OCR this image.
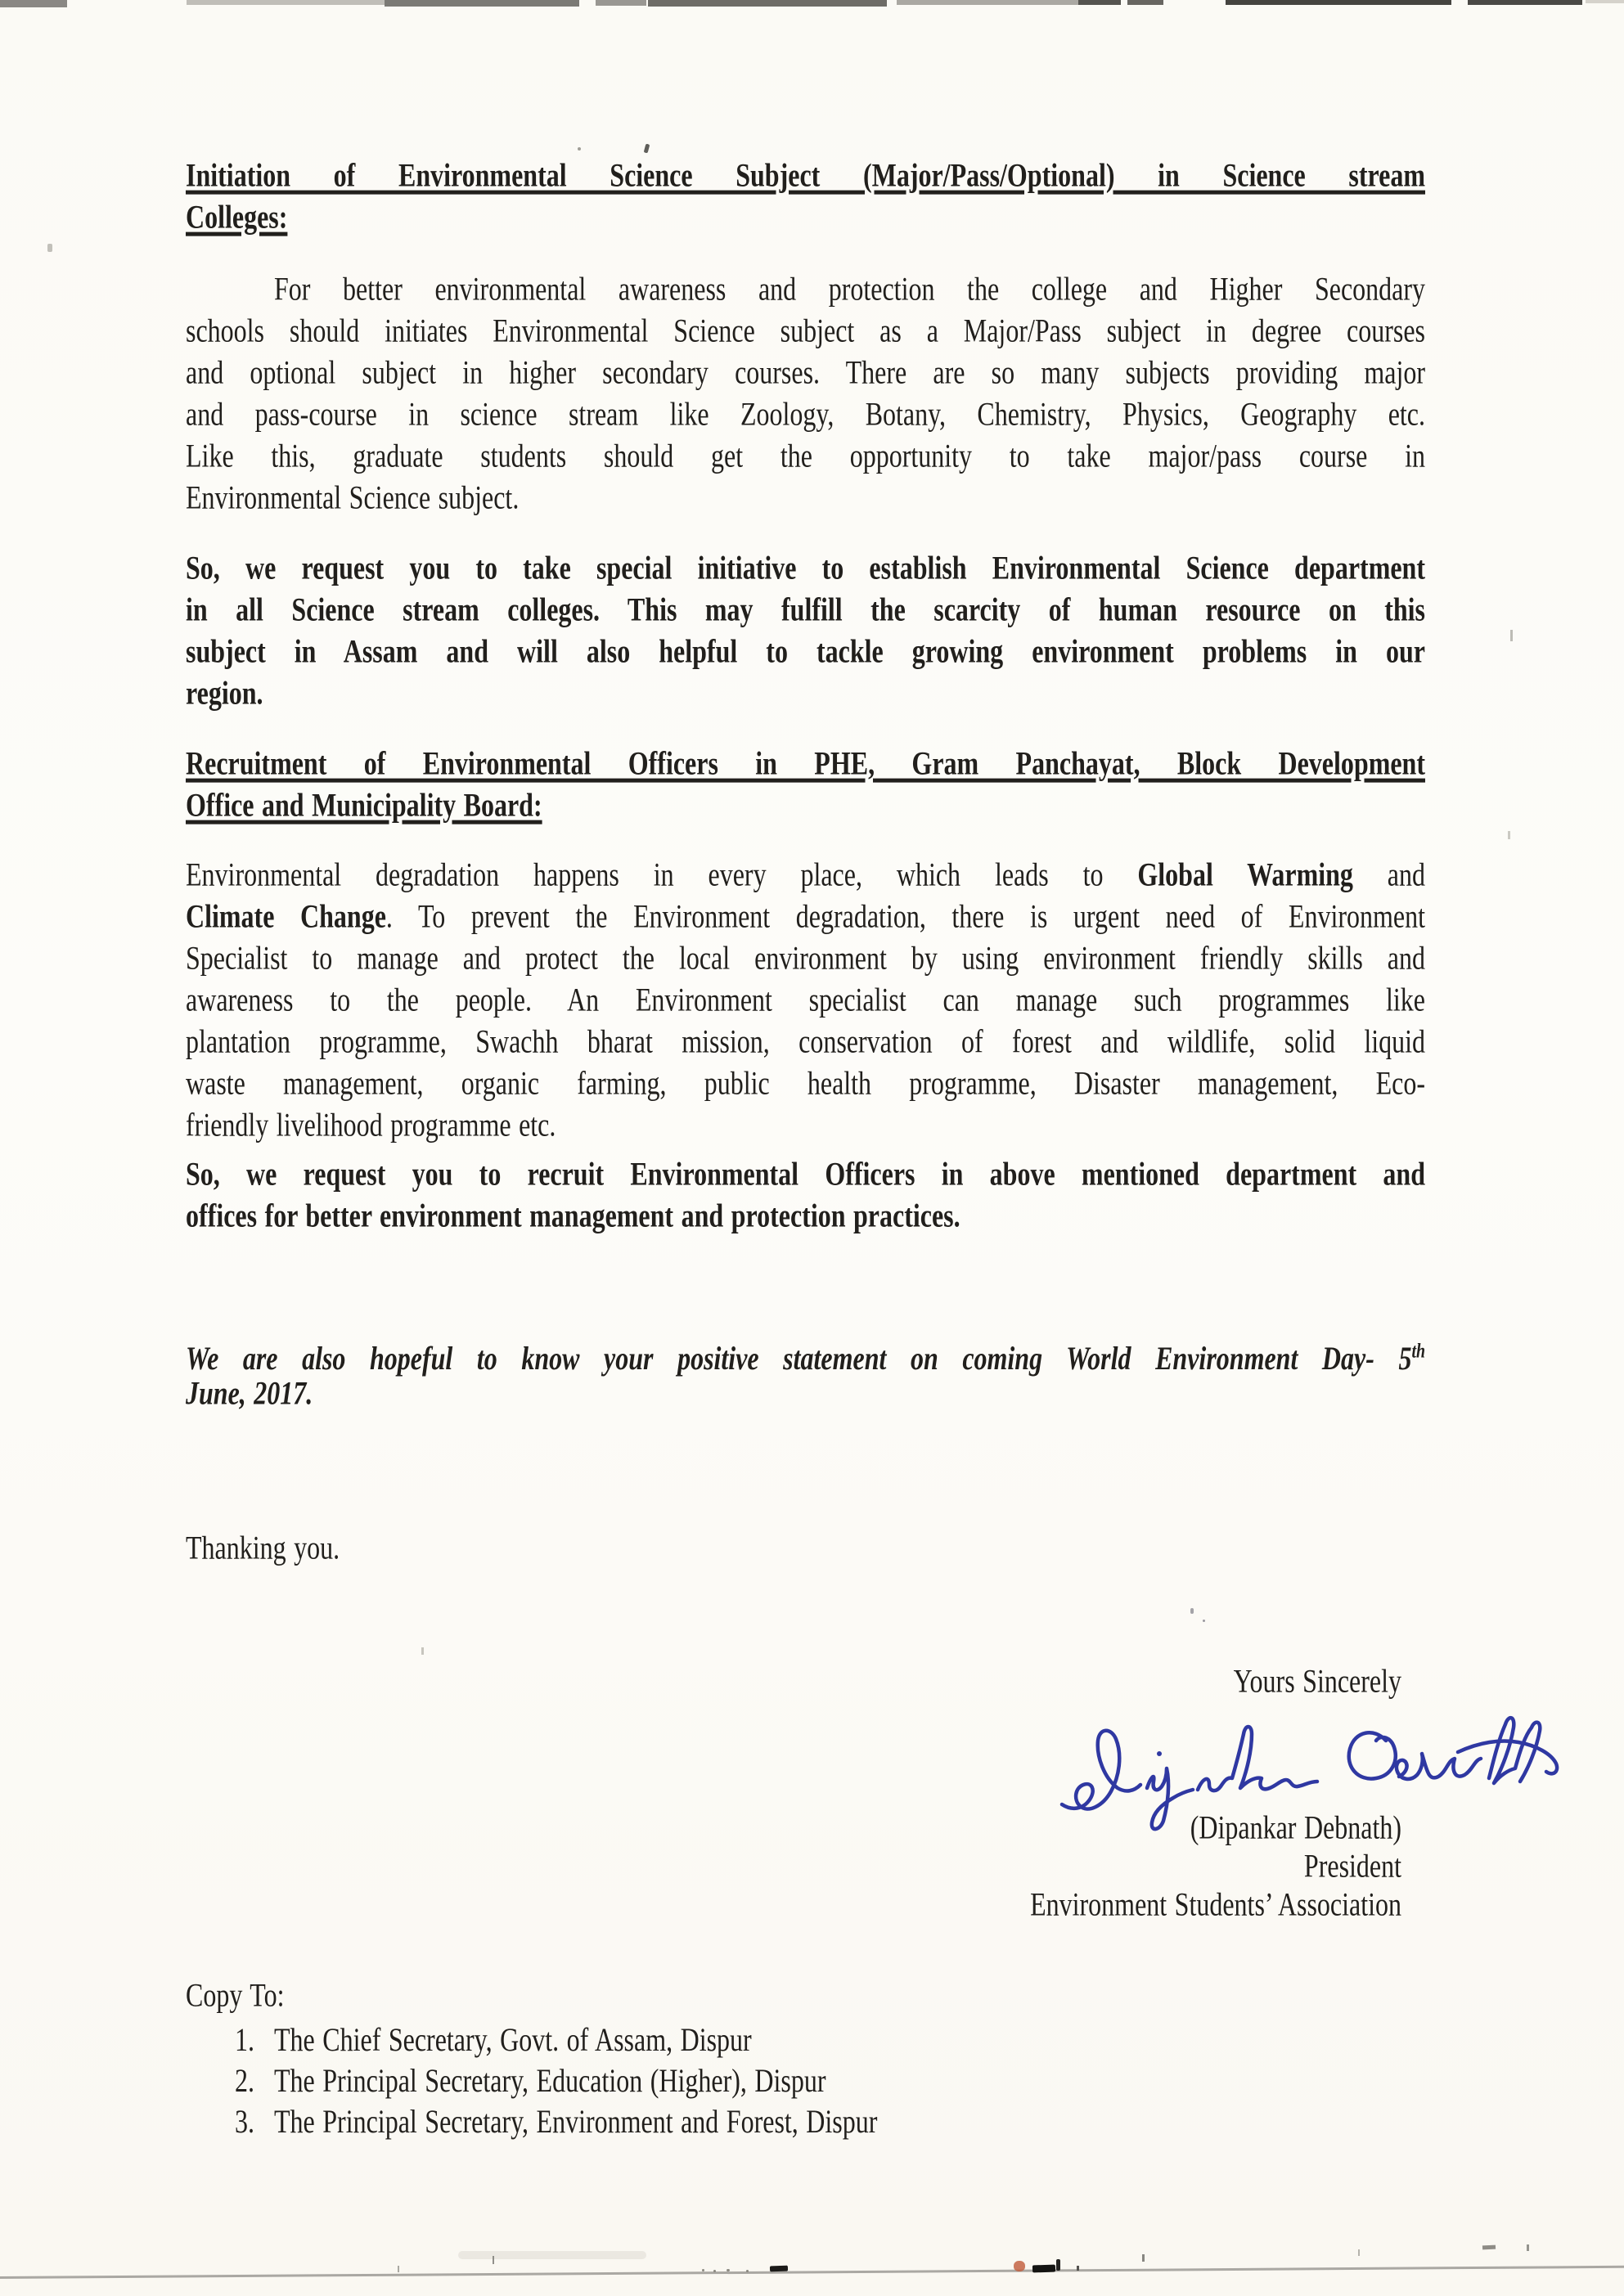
Initiation of Environmental Science Subject (Major/Pass/Optional) in Science stream
Colleges:
For better environmental awareness and protection the college and Higher Secondary
schools should initiates Environmental Science subject as a Major/Pass subject in degree courses
and optional subject in higher secondary courses. There are so many subjects providing major
and pass-course in science stream like Zoology, Botany, Chemistry, Physics, Geography etc.
Like this, graduate students should get the opportunity to take major/pass course in
Environmental Science subject.
So, we request you to take special initiative to establish Environmental Science department
in all Science stream colleges. This may fulfill the scarcity of human resource on this
subject in Assam and will also helpful to tackle growing environment problems in our
region.
Recruitment of Environmental Officers in PHE, Gram Panchayat, Block Development
Office and Municipality Board:
Environmental degradation happens in every place, which leads to Global Warming and
Climate Change. To prevent the Environment degradation, there is urgent need of Environment
Specialist to manage and protect the local environment by using environment friendly skills and
awareness to the people. An Environment specialist can manage such programmes like
plantation programme, Swachh bharat mission, conservation of forest and wildlife, solid liquid
waste management, organic farming, public health programme, Disaster management, Eco-
friendly livelihood programme etc.
So, we request you to recruit Environmental Officers in above mentioned department and
offices for better environment management and protection practices.
We are also hopeful to know your positive statement on coming World Environment Day- 5th
June, 2017.
Thanking you.
Yours Sincerely
(Dipankar Debnath)
President
Environment Students’ Association
Copy To:
1. The Chief Secretary, Govt. of Assam, Dispur
2. The Principal Secretary, Education (Higher), Dispur
3. The Principal Secretary, Environment and Forest, Dispur
